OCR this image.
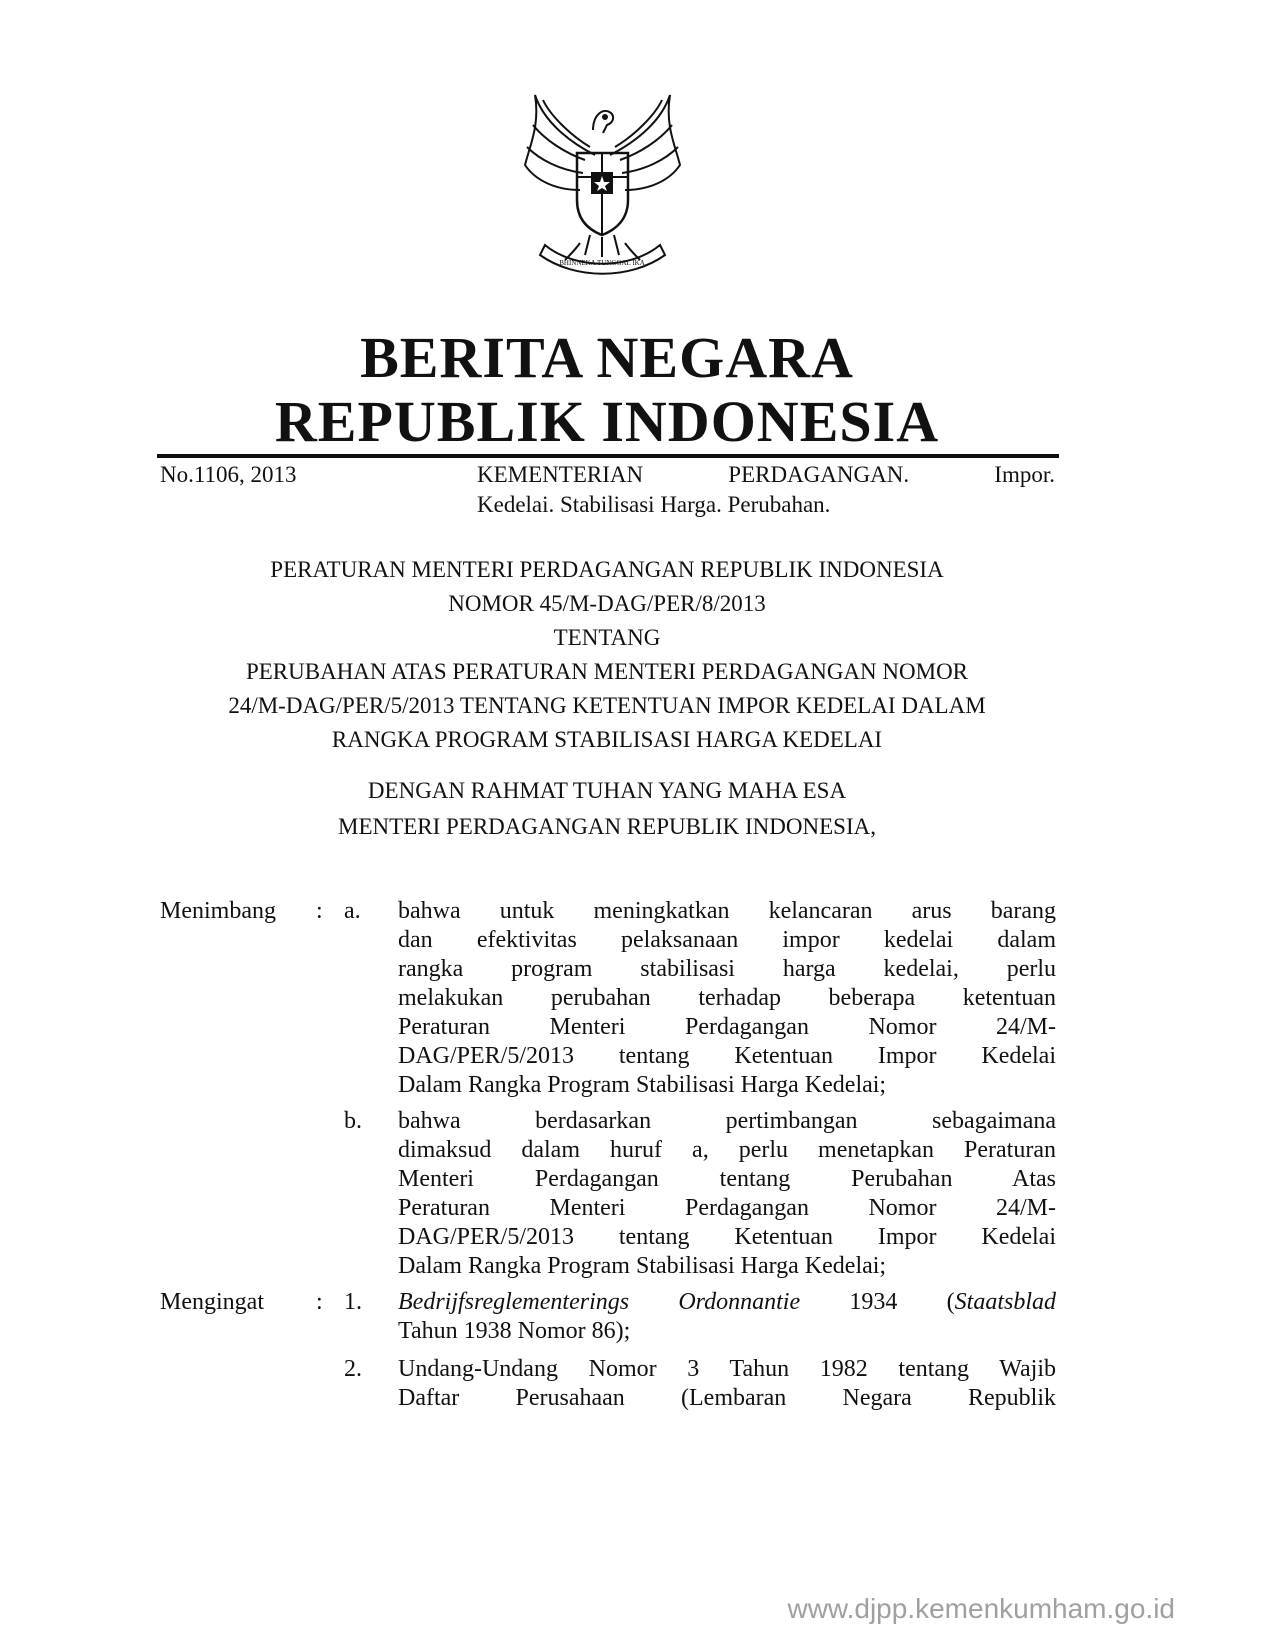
BHINNEKA TUNGGAL IKA
BERITA NEGARA
REPUBLIK INDONESIA
No.1106, 2013	KEMENTERIAN	PERDAGANGAN.	Impor.
Kedelai. Stabilisasi Harga. Perubahan.
PERATURAN MENTERI PERDAGANGAN REPUBLIK INDONESIA
NOMOR 45/M-DAG/PER/8/2013
TENTANG
PERUBAHAN ATAS PERATURAN MENTERI PERDAGANGAN NOMOR
24/M-DAG/PER/5/2013 TENTANG KETENTUAN IMPOR KEDELAI DALAM
RANGKA PROGRAM STABILISASI HARGA KEDELAI
DENGAN RAHMAT TUHAN YANG MAHA ESA
MENTERI PERDAGANGAN REPUBLIK INDONESIA,
Menimbang : a. bahwa untuk meningkatkan kelancaran arus barang
dan efektivitas pelaksanaan impor kedelai dalam
rangka program stabilisasi harga kedelai, perlu
melakukan perubahan terhadap beberapa ketentuan
Peraturan Menteri Perdagangan Nomor 24/M-
DAG/PER/5/2013 tentang Ketentuan Impor Kedelai
Dalam Rangka Program Stabilisasi Harga Kedelai;
b. bahwa berdasarkan pertimbangan sebagaimana
dimaksud dalam huruf a, perlu menetapkan Peraturan
Menteri Perdagangan tentang Perubahan Atas
Peraturan Menteri Perdagangan Nomor 24/M-
DAG/PER/5/2013 tentang Ketentuan Impor Kedelai
Dalam Rangka Program Stabilisasi Harga Kedelai;
Mengingat : 1. Bedrijfsreglementerings Ordonnantie 1934 (Staatsblad
Tahun 1938 Nomor 86);
2. Undang-Undang Nomor 3 Tahun 1982 tentang Wajib
Daftar Perusahaan (Lembaran Negara Republik
www.djpp.kemenkumham.go.id
